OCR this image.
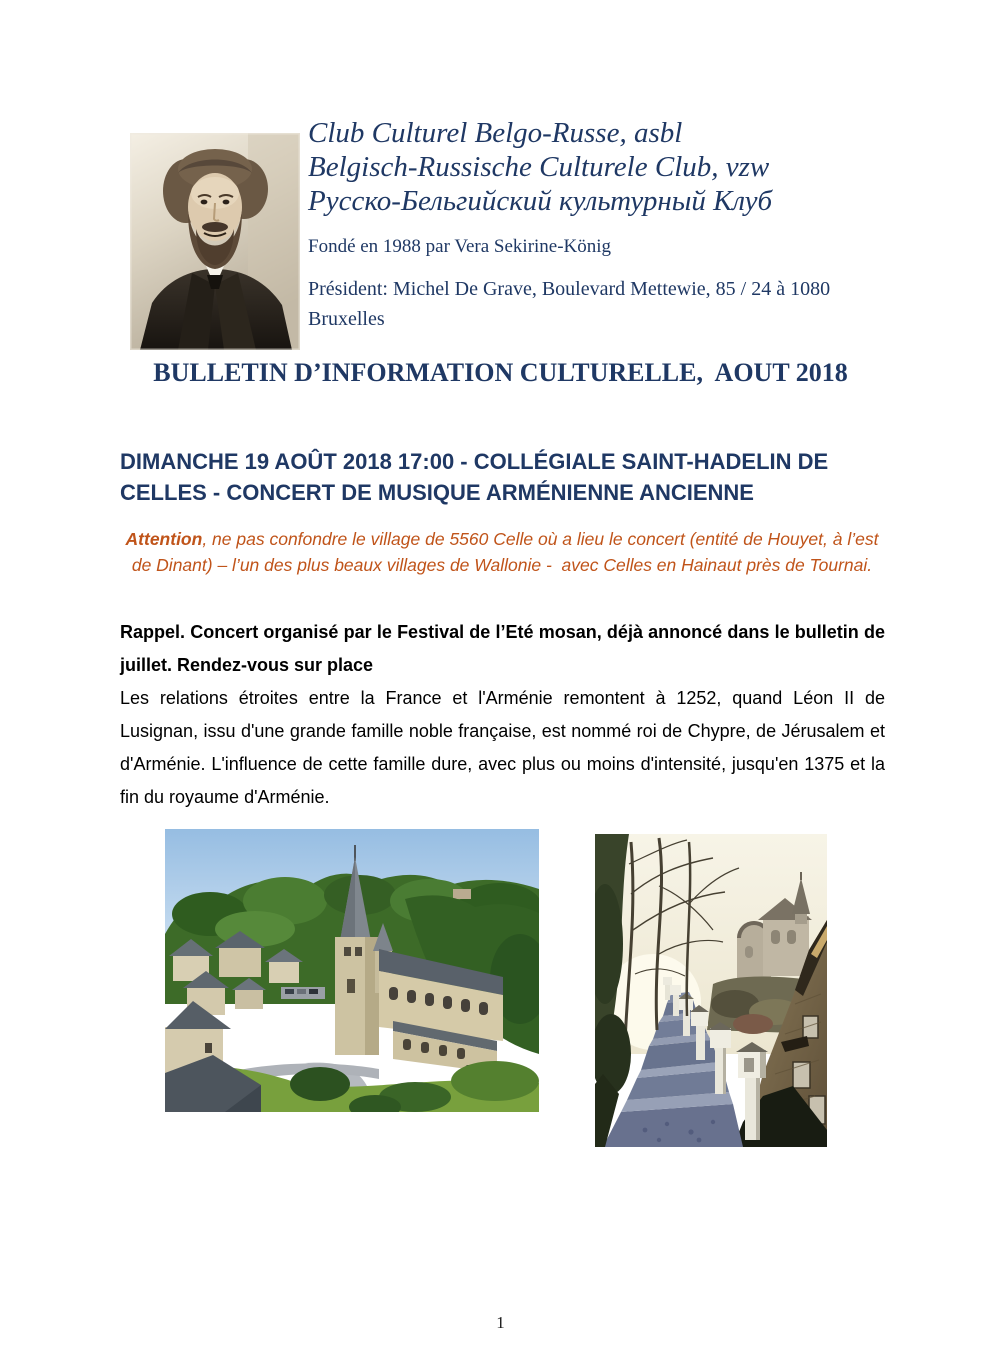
Club Culturel Belgo-Russe, asbl
Belgisch-Russische Culturele Club, vzw
Русско-Бельгийский культурный Клуб
Fondé en 1988 par Vera Sekirine-König
Président: Michel De Grave, Boulevard Mettewie, 85 / 24 à 1080 Bruxelles
BULLETIN D’INFORMATION CULTURELLE,  AOUT 2018
DIMANCHE 19 AOÛT 2018 17:00 - COLLÉGIALE SAINT-HADELIN DE
CELLES - CONCERT DE MUSIQUE ARMÉNIENNE ANCIENNE

Attention, ne pas confondre le village de 5560 Celle où a lieu le concert (entité de Houyet, à l’est de Dinant) – l’un des plus beaux villages de Wallonie -  avec Celles en Hainaut près de Tournai.

Rappel. Concert organisé par le Festival de l’Eté mosan, déjà annoncé dans le bulletin de juillet. Rendez-vous sur place

Les relations étroites entre la France et l'Arménie remontent à 1252, quand Léon II de Lusignan, issu d'une grande famille noble française, est nommé roi de Chypre, de Jérusalem et d'Arménie. L'influence de cette famille dure, avec plus ou moins d'intensité, jusqu'en 1375 et la fin du royaume d'Arménie.

1
